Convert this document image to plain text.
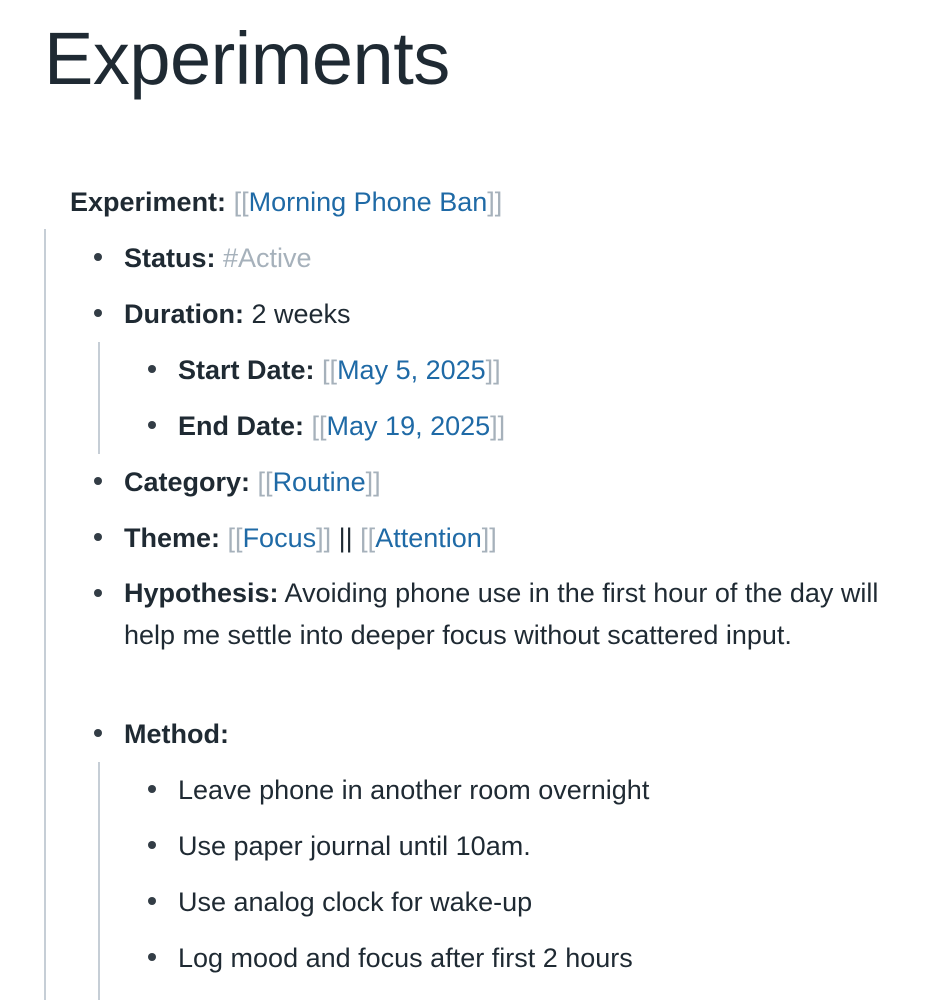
Experiments
Experiment: [[Morning Phone Ban]]
Status: #Active
Duration: 2 weeks
Start Date: [[May 5, 2025]]
End Date: [[May 19, 2025]]
Category: [[Routine]]
Theme: [[Focus]] || [[Attention]]
Hypothesis: Avoiding phone use in the first hour of the day will help me settle into deeper focus without scattered input.
Method:
Leave phone in another room overnight
Use paper journal until 10am.
Use analog clock for wake-up
Log mood and focus after first 2 hours
